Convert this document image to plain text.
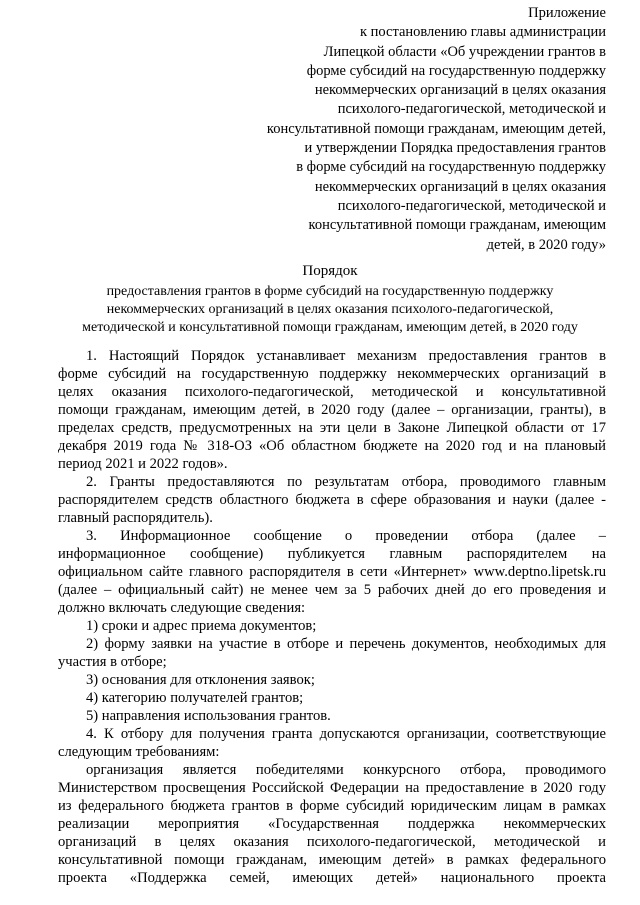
Приложение
к постановлению главы администрации
Липецкой области «Об учреждении грантов в
форме субсидий на государственную поддержку
некоммерческих организаций в целях оказания
психолого-педагогической, методической и
консультативной помощи гражданам, имеющим детей,
и утверждении Порядка предоставления грантов
в форме субсидий на государственную поддержку
некоммерческих организаций в целях оказания
психолого-педагогической, методической и
консультативной помощи гражданам, имеющим
детей, в 2020 году»
Порядок
предоставления грантов в форме субсидий на государственную поддержку
некоммерческих организаций в целях оказания психолого-педагогической,
методической и консультативной помощи гражданам, имеющим детей, в 2020 году

1. Настоящий Порядок устанавливает механизм предоставления грантов в

форме субсидий на государственную поддержку некоммерческих организаций в

целях оказания психолого-педагогической, методической и консультативной

помощи гражданам, имеющим детей, в 2020 году (далее – организации, гранты), в

пределах средств, предусмотренных на эти цели в Законе Липецкой области от 17

декабря 2019 года № 318-ОЗ «Об областном бюджете на 2020 год и на плановый

период 2021 и 2022 годов».

2. Гранты предоставляются по результатам отбора, проводимого главным

распорядителем средств областного бюджета в сфере образования и науки (далее -

главный распорядитель).

3. Информационное сообщение о проведении отбора (далее –

информационное сообщение) публикуется главным распорядителем на

официальном сайте главного распорядителя в сети «Интернет» www.deptno.lipetsk.ru

(далее – официальный сайт) не менее чем за 5 рабочих дней до его проведения и

должно включать следующие сведения:

1) сроки и адрес приема документов;

2) форму заявки на участие в отборе и перечень документов, необходимых для

участия в отборе;

3) основания для отклонения заявок;

4) категорию получателей грантов;

5) направления использования грантов.

4. К отбору для получения гранта допускаются организации, соответствующие

следующим требованиям:

организация является победителями конкурсного отбора, проводимого

Министерством просвещения Российской Федерации на предоставление в 2020 году

из федерального бюджета грантов в форме субсидий юридическим лицам в рамках

реализации мероприятия «Государственная поддержка некоммерческих

организаций в целях оказания психолого-педагогической, методической и

консультативной помощи гражданам, имеющим детей» в рамках федерального

проекта «Поддержка семей, имеющих детей» национального проекта
